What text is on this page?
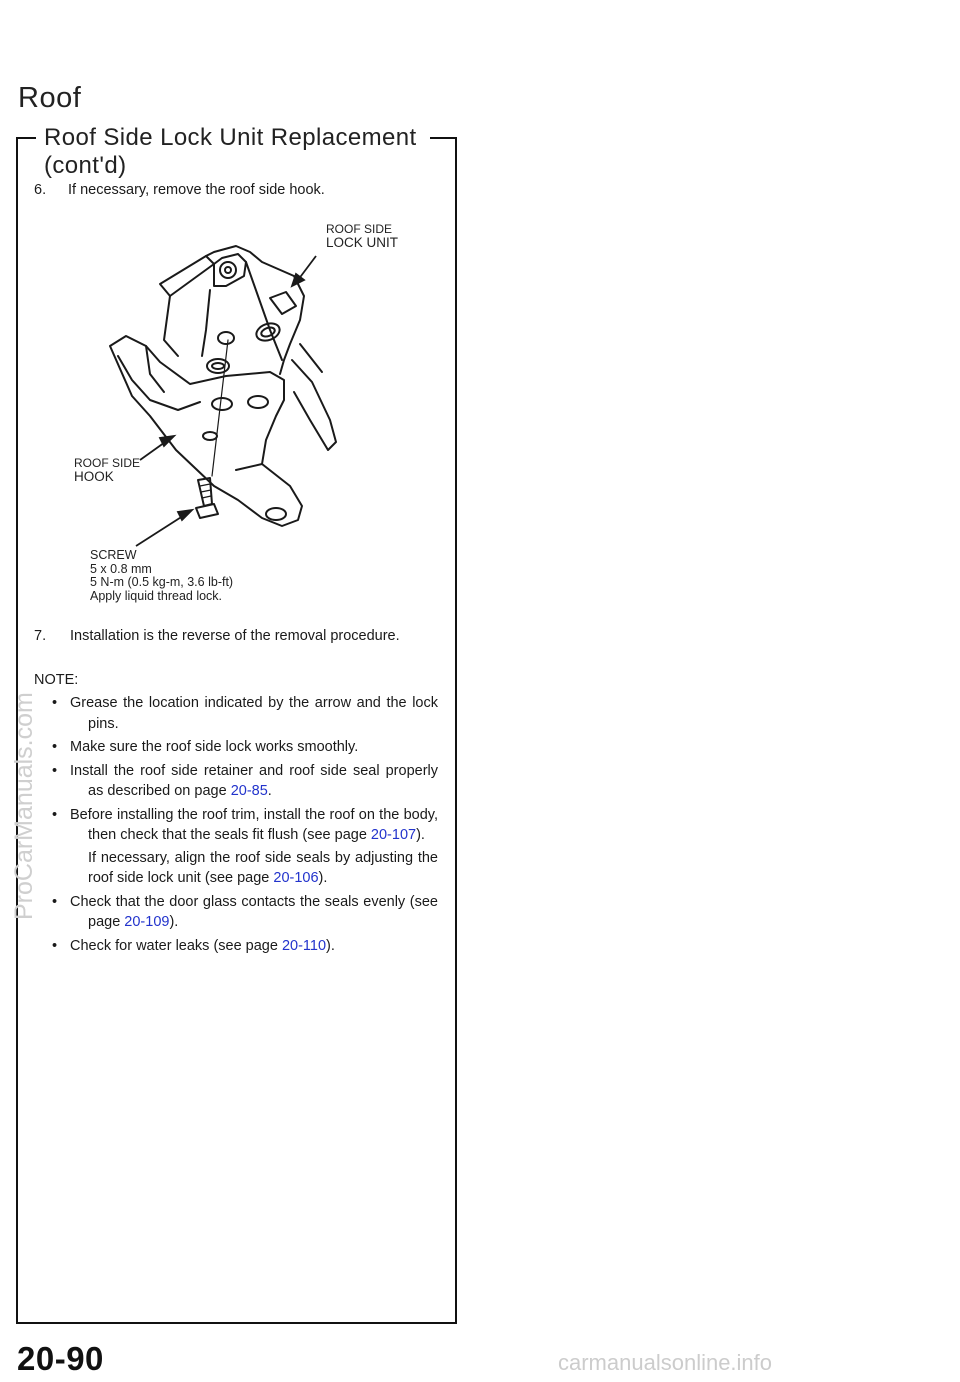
Roof
Roof Side Lock Unit Replacement
(cont'd)
6. If necessary, remove the roof side hook.
ROOF SIDE
LOCK UNIT
ROOF SIDE
HOOK
SCREW
5 x 0.8 mm
5 N-m (0.5 kg-m, 3.6 lb-ft)
Apply liquid thread lock.
7. Installation is the reverse of the removal procedure.
NOTE:
• Grease the location indicated by the arrow and the lock pins.
• Make sure the roof side lock works smoothly.
• Install the roof side retainer and roof side seal properly as described on page 20-85.
• Before installing the roof trim, install the roof on the body, then check that the seals fit flush (see page 20-107).
If necessary, align the roof side seals by adjusting the roof side lock unit (see page 20-106).
• Check that the door glass contacts the seals evenly (see page 20-109).
• Check for water leaks (see page 20-110).
ProCarManuals.com
20-90	carmanualsonline.info
